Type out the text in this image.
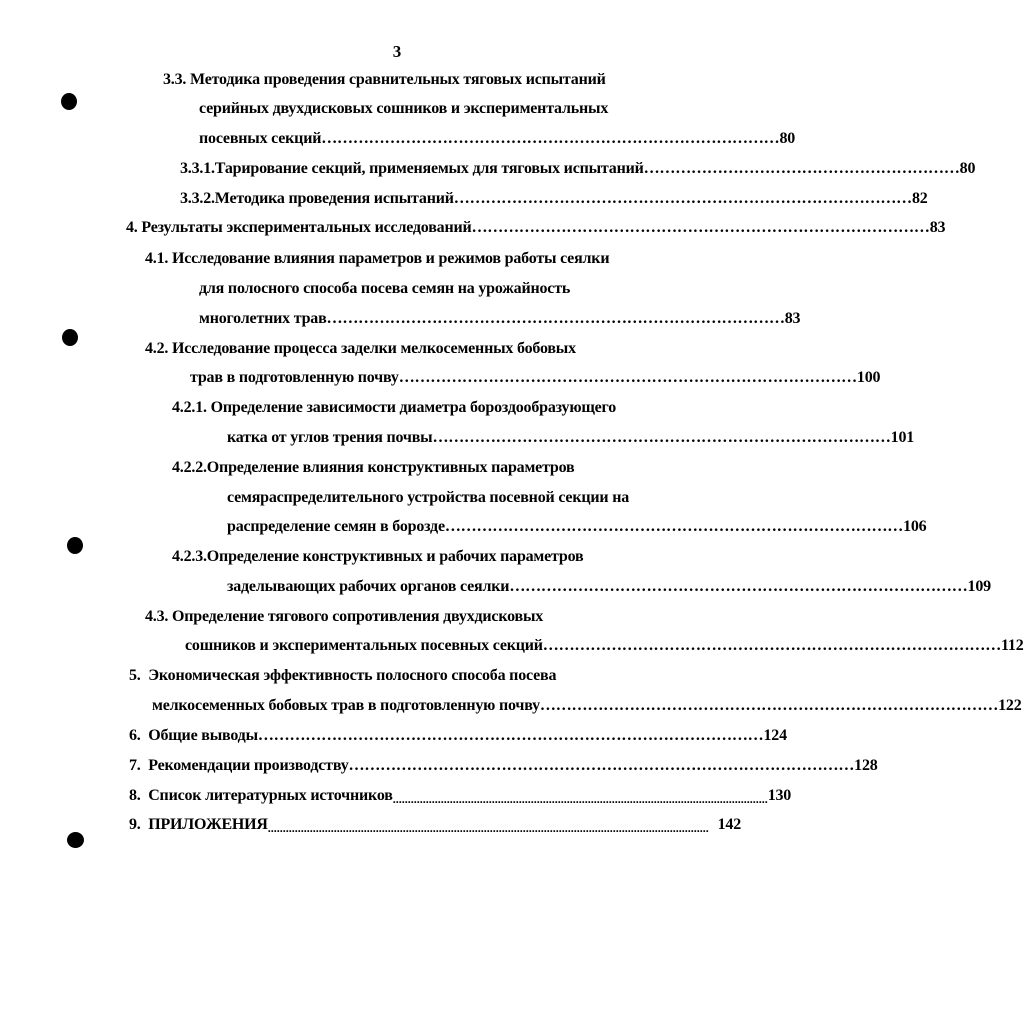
3
3.3. Методика проведения сравнительных тяговых испытаний
серийных двухдисковых сошников и экспериментальных
посевных секций …………………………………………………………………………… 80
3.3.1.Тарирование секций, применяемых для тяговых испытаний …………………………………………………… 80
3.3.2.Методика проведения испытаний …………………………………………………………………………… 82
4. Результаты экспериментальных исследований …………………………………………………………………………… 83
4.1. Исследование влияния параметров и режимов работы сеялки
для полосного способа посева семян на урожайность
многолетних трав …………………………………………………………………………… 83
4.2. Исследование процесса заделки мелкосеменных бобовых
трав в подготовленную почву …………………………………………………………………………… 100
4.2.1. Определение зависимости диаметра бороздообразующего
катка от углов трения почвы …………………………………………………………………………… 101
4.2.2.Определение влияния конструктивных параметров
семяраспределительного устройства посевной секции на
распределение семян в борозде …………………………………………………………………………… 106
4.2.3.Определение конструктивных и рабочих параметров
заделывающих рабочих органов сеялки …………………………………………………………………………… 109
4.3. Определение тягового сопротивления двухдисковых
сошников и экспериментальных посевных секций …………………………………………………………………………… 112
5.  Экономическая эффективность полосного способа посева
мелкосеменных бобовых трав в подготовленную почву …………………………………………………………………………… 122
6.  Общие выводы …………………………………………………………………………………… 124
7.  Рекомендации производству …………………………………………………………………………………… 128
8.  Список литературных источников ............................................................................................................................. 130
9.  ПРИЛОЖЕНИЯ ................................................................................................................................................... 142
